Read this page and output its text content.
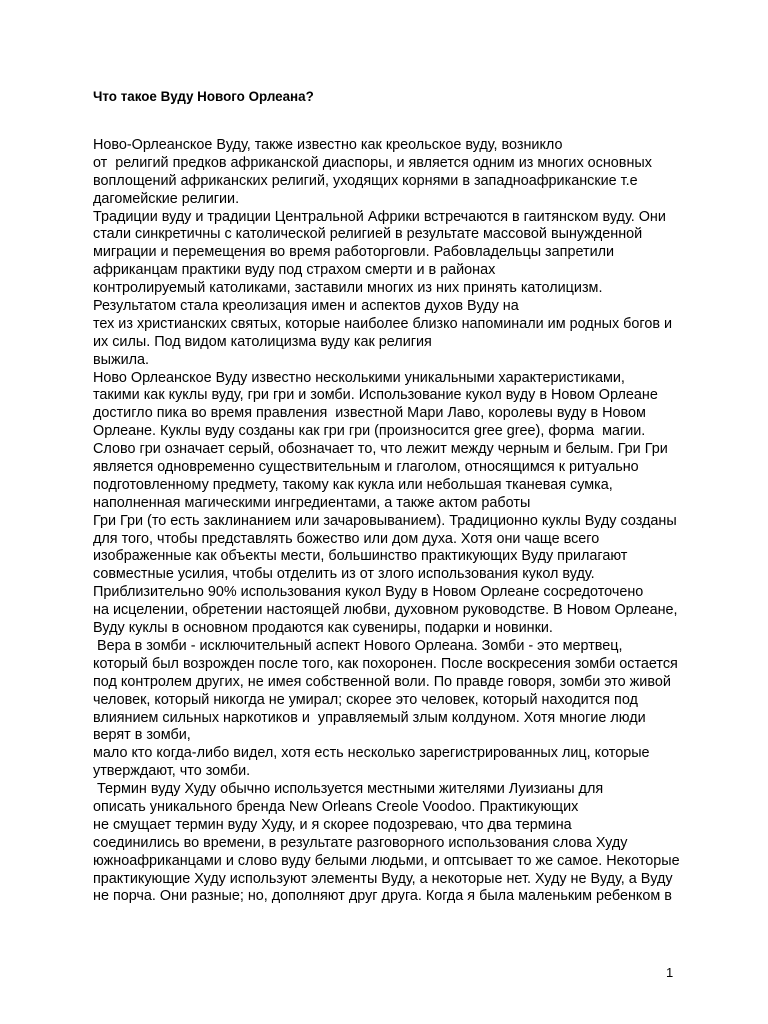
Что такое Вуду Нового Орлеана?
Ново-Орлеанское Вуду, также известно как креольское вуду, возникло
от  религий предков африканской диаспоры, и является одним из многих основных
воплощений африканских религий, уходящих корнями в западноафриканские т.е
дагомейские религии.
Традиции вуду и традиции Центральной Африки встречаются в гаитянском вуду. Они
стали синкретичны с католической религией в результате массовой вынужденной
миграции и перемещения во время работорговли. Рабовладельцы запретили
африканцам практики вуду под страхом смерти и в районах
контролируемый католиками, заставили многих из них принять католицизм.
Результатом стала креолизация имен и аспектов духов Вуду на
тех из христианских святых, которые наиболее близко напоминали им родных богов и
их силы. Под видом католицизма вуду как религия
выжила.
Ново Орлеанское Вуду известно несколькими уникальными характеристиками,
такими как куклы вуду, гри гри и зомби. Использование кукол вуду в Новом Орлеане
достигло пика во время правления  известной Мари Лаво, королевы вуду в Новом
Орлеане. Куклы вуду созданы как гри гри (произносится gree gree), форма  магии.
Слово гри означает серый, обозначает то, что лежит между черным и белым. Гри Гри
является одновременно существительным и глаголом, относящимся к ритуально
подготовленному предмету, такому как кукла или небольшая тканевая сумка,
наполненная магическими ингредиентами, а также актом работы
Гри Гри (то есть заклинанием или зачаровыванием). Традиционно куклы Вуду созданы
для того, чтобы представлять божество или дом духа. Хотя они чаще всего
изображенные как объекты мести, большинство практикующих Вуду прилагают
совместные усилия, чтобы отделить из от злого использования кукол вуду.
Приблизительно 90% использования кукол Вуду в Новом Орлеане сосредоточено
на исцелении, обретении настоящей любви, духовном руководстве. В Новом Орлеане,
Вуду куклы в основном продаются как сувениры, подарки и новинки.
Вера в зомби - исключительный аспект Нового Орлеана. Зомби - это мертвец,
который был возрожден после того, как похоронен. После воскресения зомби остается
под контролем других, не имея собственной воли. По правде говоря, зомби это живой
человек, который никогда не умирал; скорее это человек, который находится под
влиянием сильных наркотиков и  управляемый злым колдуном. Хотя многие люди
верят в зомби,
мало кто когда-либо видел, хотя есть несколько зарегистрированных лиц, которые
утверждают, что зомби.
Термин вуду Худу обычно используется местными жителями Луизианы для
описать уникального бренда New Orleans Creole Voodoo. Практикующих
не смущает термин вуду Худу, и я скорее подозреваю, что два термина
соединились во времени, в результате разговорного использования слова Худу
южноафриканцами и слово вуду белыми людьми, и оптсывает то же самое. Некоторые
практикующие Худу используют элементы Вуду, а некоторые нет. Худу не Вуду, а Вуду
не порча. Они разные; но, дополняют друг друга. Когда я была маленьким ребенком в
1
